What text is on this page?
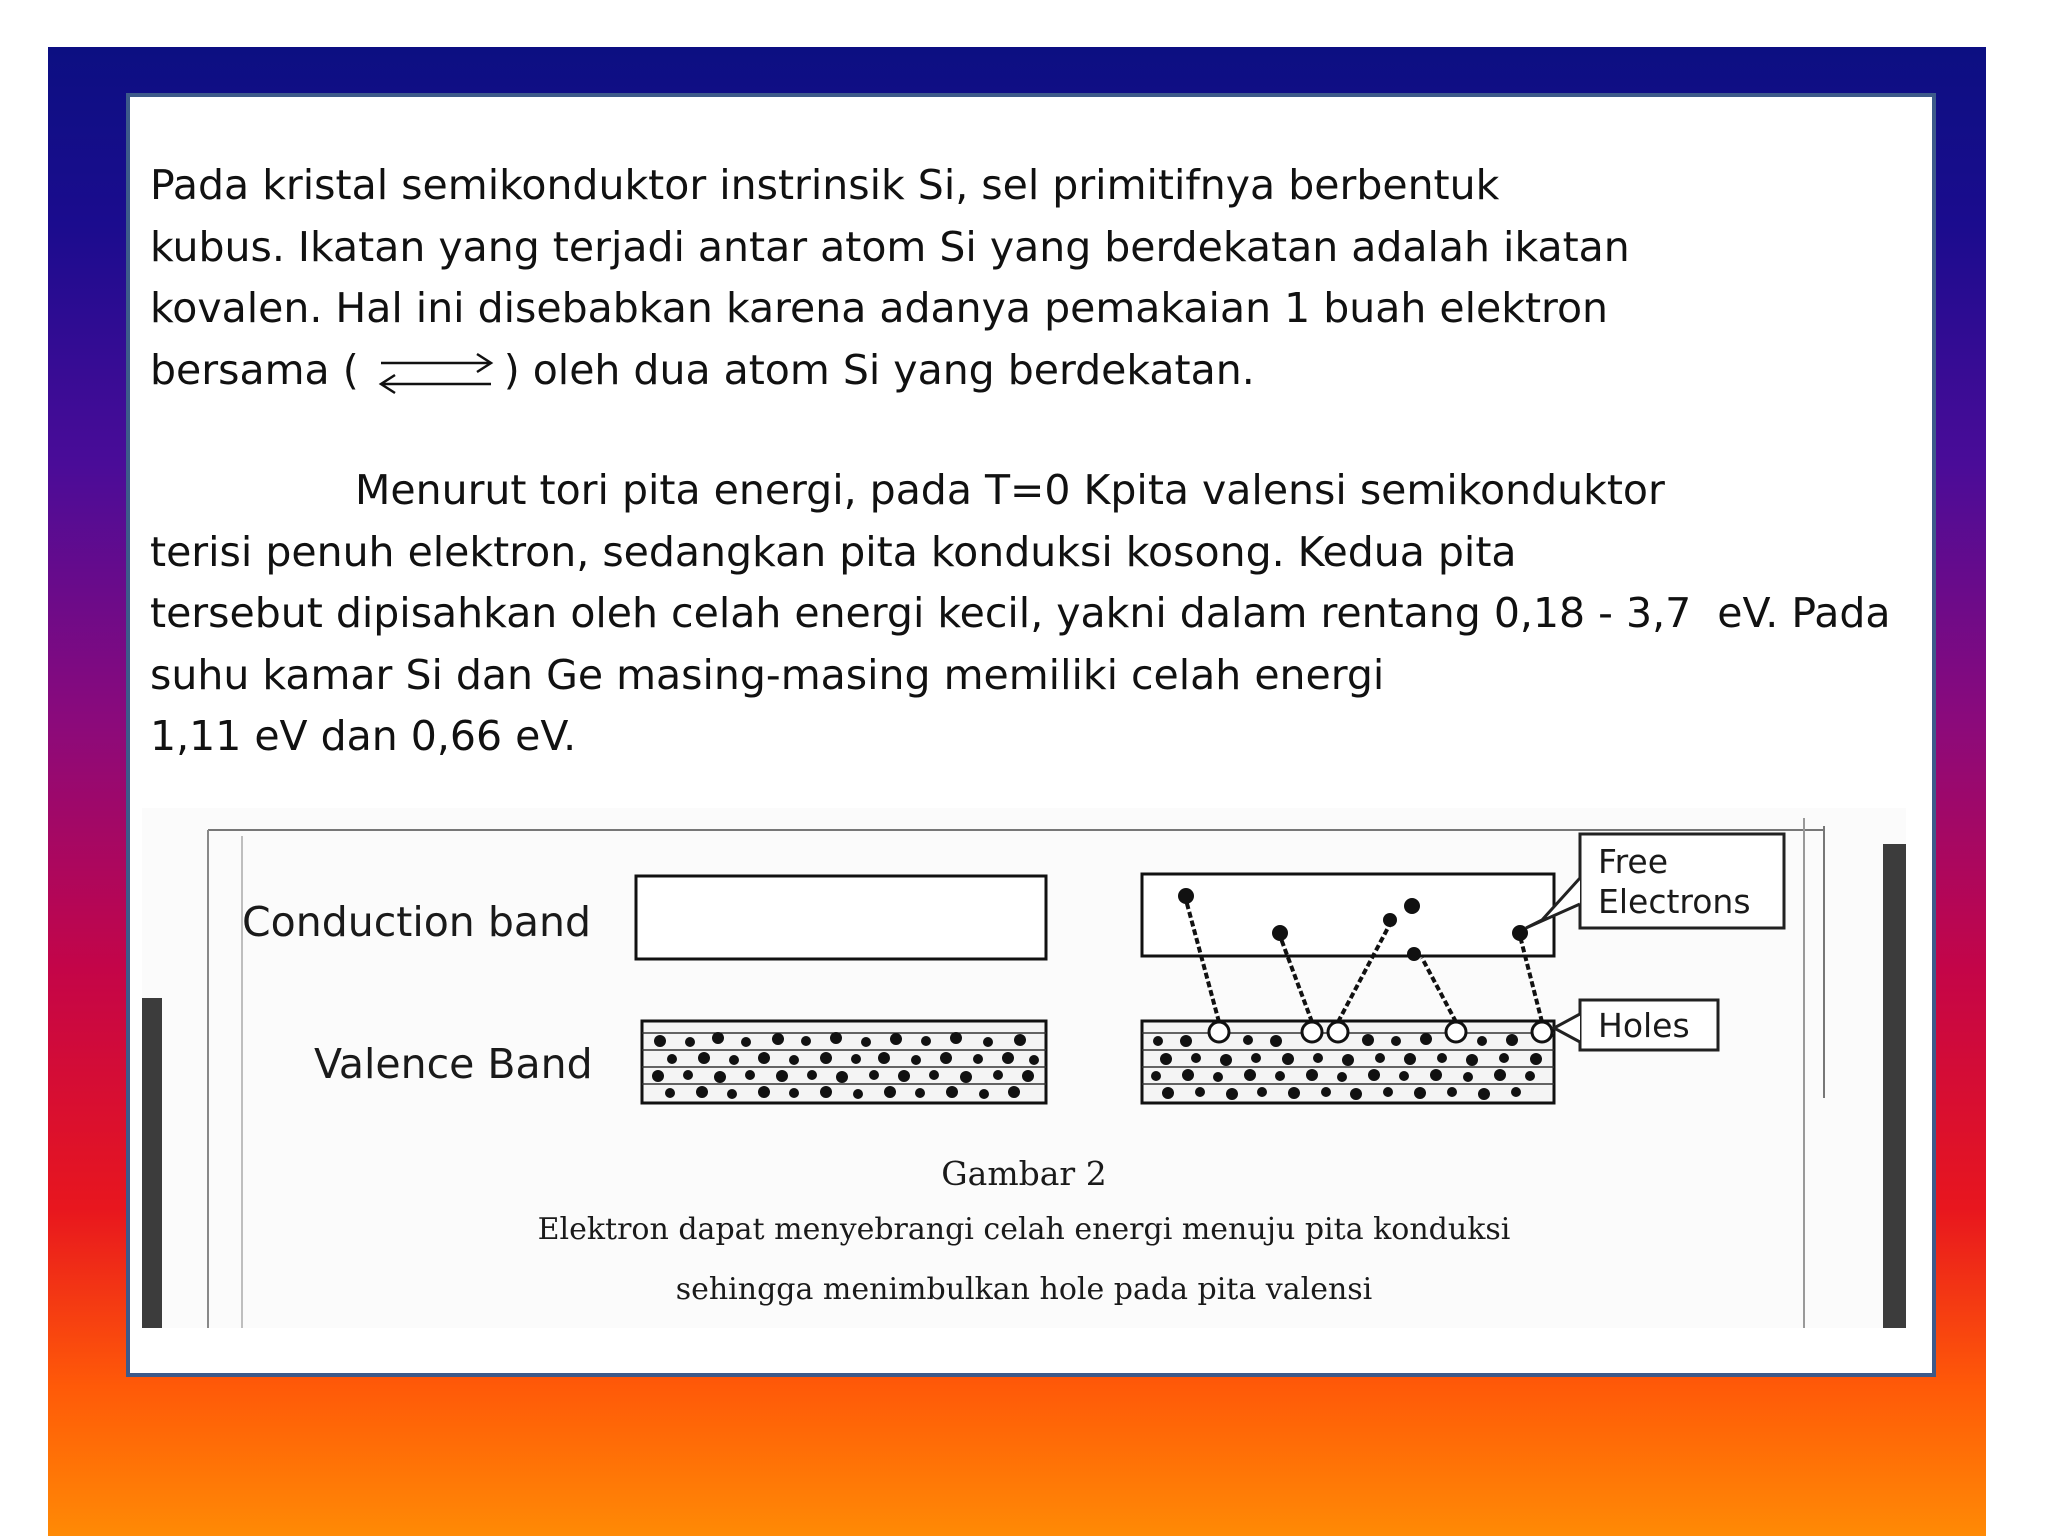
Pada kristal semikonduktor instrinsik Si, sel primitifnya berbentuk
kubus. Ikatan yang terjadi antar atom Si yang berdekatan adalah ikatan
kovalen. Hal ini disebabkan karena adanya pemakaian 1 buah elektron
bersama (	) oleh dua atom Si yang berdekatan.
Menurut tori pita energi, pada T=0 Kpita valensi semikonduktor
terisi penuh elektron, sedangkan pita konduksi kosong. Kedua pita
tersebut dipisahkan oleh celah energi kecil, yakni dalam rentang 0,18 - 3,7  eV. Pada
suhu kamar Si dan Ge masing-masing memiliki celah energi
1,11 eV dan 0,66 eV.
Conduction band
Valence Band
Free
Electrons
Holes
Gambar 2
Elektron dapat menyebrangi celah energi menuju pita konduksi
sehingga menimbulkan hole pada pita valensi
